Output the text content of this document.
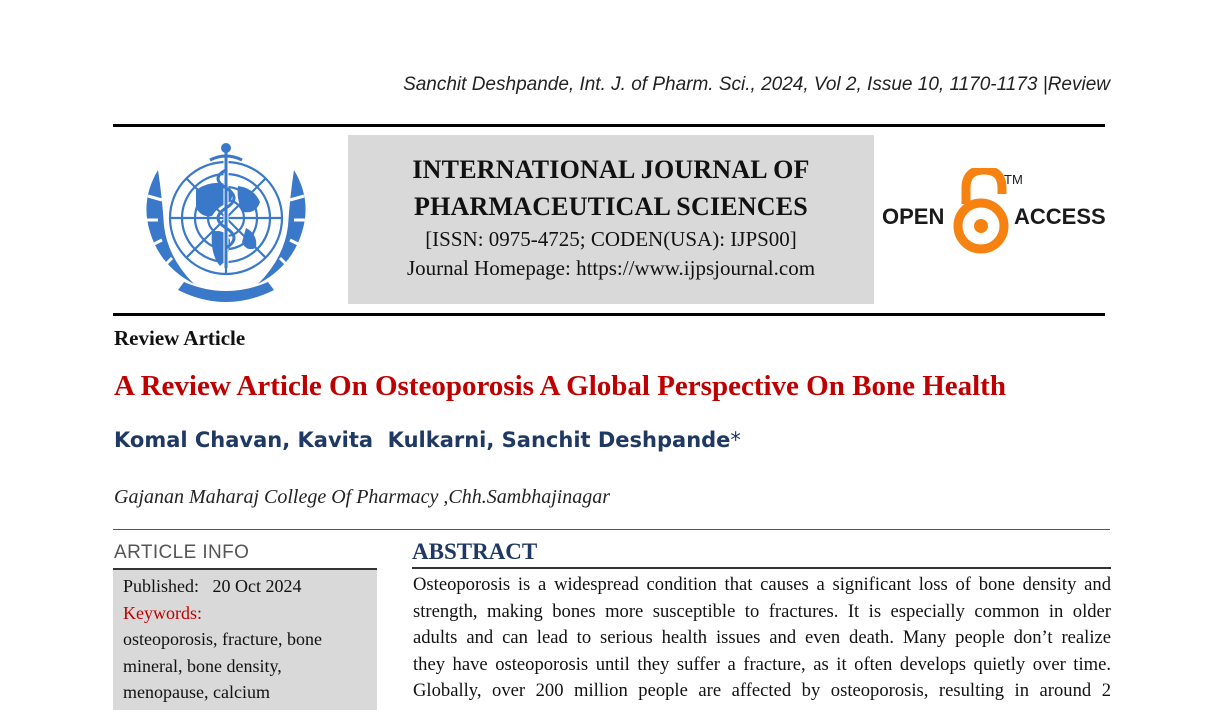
Sanchit Deshpande, Int. J. of Pharm. Sci., 2024, Vol 2, Issue 10, 1170-1173 |Review
INTERNATIONAL JOURNAL OF
PHARMACEUTICAL SCIENCES
[ISSN: 0975-4725; CODEN(USA): IJPS00]
Journal Homepage: https://www.ijpsjournal.com
OPEN	ACCESS
TM
Review Article
A Review Article On Osteoporosis A Global Perspective On Bone Health
Komal Chavan, Kavita  Kulkarni, Sanchit Deshpande*
Gajanan Maharaj College Of Pharmacy ,Chh.Sambhajinagar
ARTICLE INFO
Published: 20 Oct 2024
Keywords:
osteoporosis, fracture, bone
mineral, bone density,
menopause, calcium
ABSTRACT
Osteoporosis is a widespread condition that causes a significant loss of bone density and
strength, making bones more susceptible to fractures. It is especially common in older
adults and can lead to serious health issues and even death. Many people don’t realize
they have osteoporosis until they suffer a fracture, as it often develops quietly over time.
Globally, over 200 million people are affected by osteoporosis, resulting in around 2
